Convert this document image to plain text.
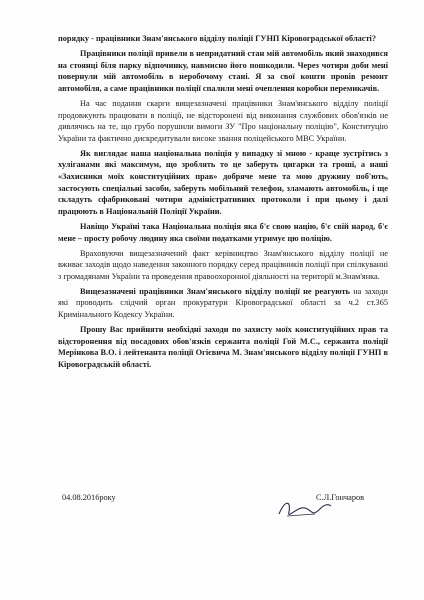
порядку - працівники Знам'янського відділу поліції ГУНП Кіровоградської області?

Працівники поліції привели в непридатний стан мій автомобіль який знаходився на стоянці біля парку відпочинку, навмисно його пошкодили. Через чотири доби мені повернули мій автомобіль в неробочому стані. Я за свої кошти провів ремонт автомобіля, а саме працівники поліції спалили мені очеплення коробки перемикачів.

На час подання скарги вищезазначені працівники Знам'янського відділу поліції продовжують працювати в поліції, не відсторонені від виконання службових обов'язків не дивлячись на те, що грубо порушили вимоги ЗУ "Про національну поліцію", Конституцію України та фактично дискредитували високе звання поліцейського МВС України.

Як виглядає наша національна поліція у випадку зі мною - краще зустрітись з хуліганами які максимум, що зроблять то це заберуть цигарки та гроші, а наші «Захисники моїх конституційних прав» добряче мене та мою дружину поб'ють, застосують спеціальні засоби, заберуть мобільний телефон, зламають автомобіль, і ще складуть сфабриковані чотири адміністративних протоколи і при цьому і далі працюють в Національній Поліції України.

Навіщо Україні така Національна поліція яка б'є свою націю, б'є свій народ, б'є мене – просту робочу людину яка своїми податками утримує цю поліцію.

Враховуючи вищезазначений факт керівництво Знам'янського відділу поліції не вживає заходів щодо наведення законного порядку серед працівників поліції при спілкуванні з громадянами України та проведення правоохоронної діяльності на території м.Знам'янка.

Вищезазначені працівники Знам'янського відділу поліції не реагують на заходи які проводить слідчий орган прокуратури Кіровоградської області за ч.2 ст.365 Кримінального Кодексу України.

Прошу Вас прийняти необхідні заходи по захисту моїх конституційних прав та відсторонення від посадових обов'язків сержанта поліції Гой М.С., сержанта поліції Мерінкова В.О. і лейтенанта поліції Огієвича М. Знам'янського відділу поліції ГУНП в Кіровоградській області.

04.08.2016року	С.Л.Гончаров
